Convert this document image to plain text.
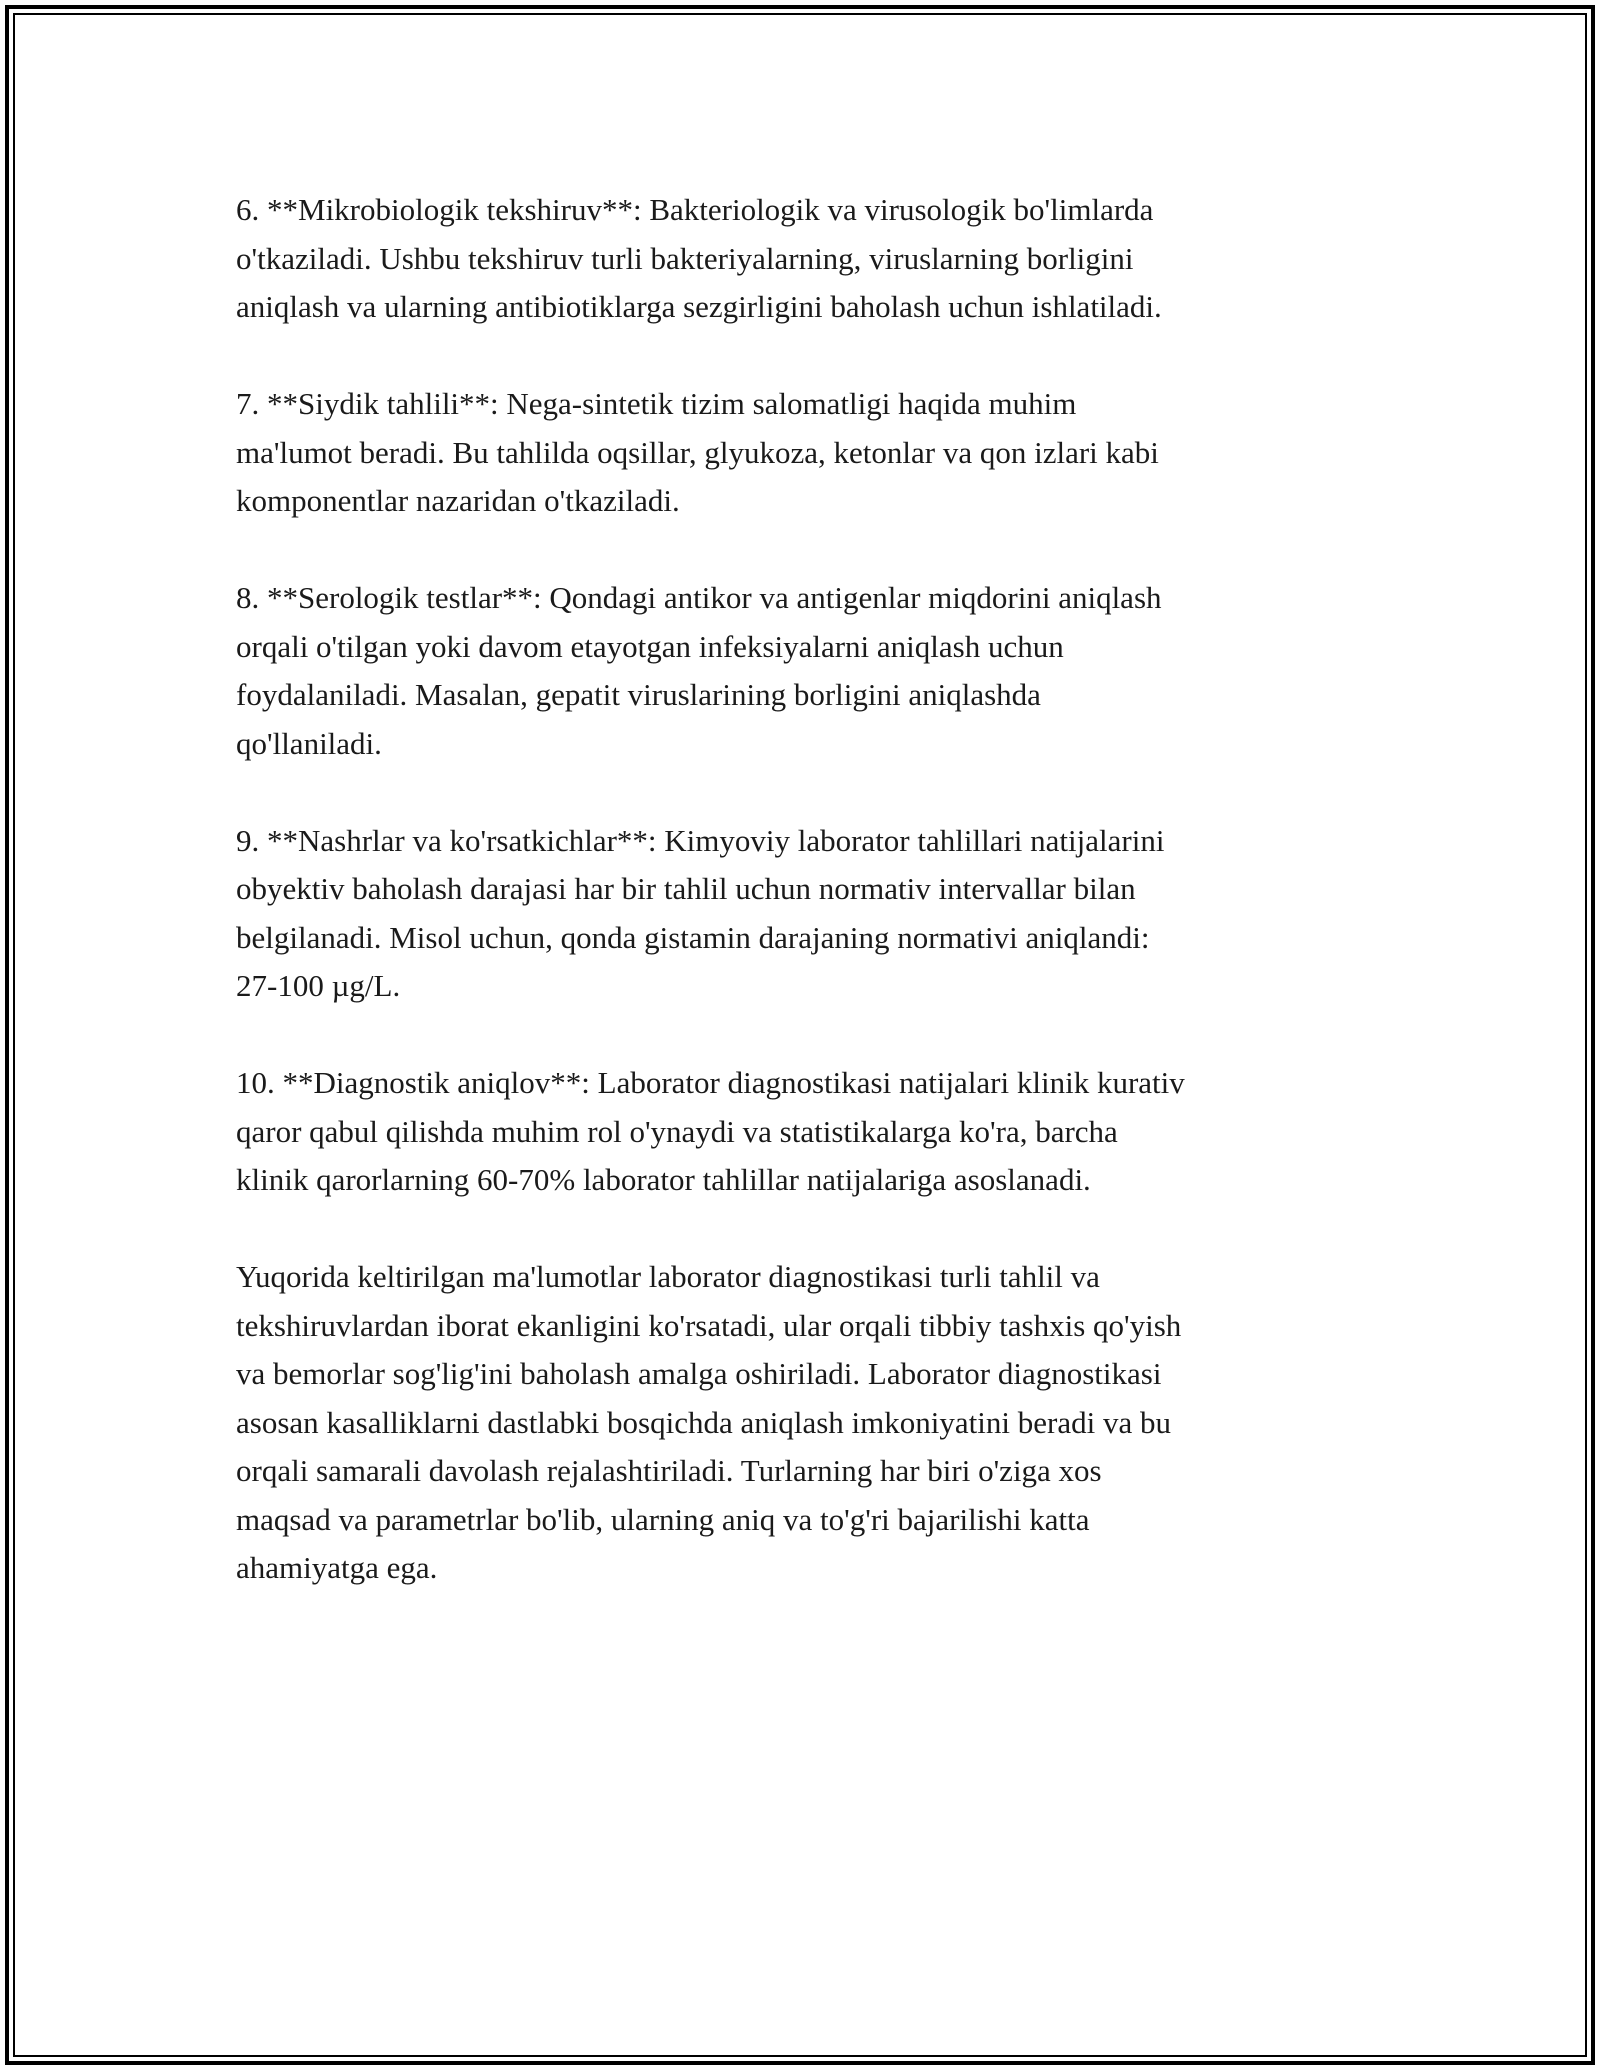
6. **Mikrobiologik tekshiruv**: Bakteriologik va virusologik bo'limlarda
o'tkaziladi. Ushbu tekshiruv turli bakteriyalarning, viruslarning borligini
aniqlash va ularning antibiotiklarga sezgirligini baholash uchun ishlatiladi.

7. **Siydik tahlili**: Nega-sintetik tizim salomatligi haqida muhim
ma'lumot beradi. Bu tahlilda oqsillar, glyukoza, ketonlar va qon izlari kabi
komponentlar nazaridan o'tkaziladi.

8. **Serologik testlar**: Qondagi antikor va antigenlar miqdorini aniqlash
orqali o'tilgan yoki davom etayotgan infeksiyalarni aniqlash uchun
foydalaniladi. Masalan, gepatit viruslarining borligini aniqlashda
qo'llaniladi.

9. **Nashrlar va ko'rsatkichlar**: Kimyoviy laborator tahlillari natijalarini
obyektiv baholash darajasi har bir tahlil uchun normativ intervallar bilan
belgilanadi. Misol uchun, qonda gistamin darajaning normativi aniqlandi:
27-100 µg/L.

10. **Diagnostik aniqlov**: Laborator diagnostikasi natijalari klinik kurativ
qaror qabul qilishda muhim rol o'ynaydi va statistikalarga ko'ra, barcha
klinik qarorlarning 60-70% laborator tahlillar natijalariga asoslanadi.

Yuqorida keltirilgan ma'lumotlar laborator diagnostikasi turli tahlil va
tekshiruvlardan iborat ekanligini ko'rsatadi, ular orqali tibbiy tashxis qo'yish
va bemorlar sog'lig'ini baholash amalga oshiriladi. Laborator diagnostikasi
asosan kasalliklarni dastlabki bosqichda aniqlash imkoniyatini beradi va bu
orqali samarali davolash rejalashtiriladi. Turlarning har biri o'ziga xos
maqsad va parametrlar bo'lib, ularning aniq va to'g'ri bajarilishi katta
ahamiyatga ega.
